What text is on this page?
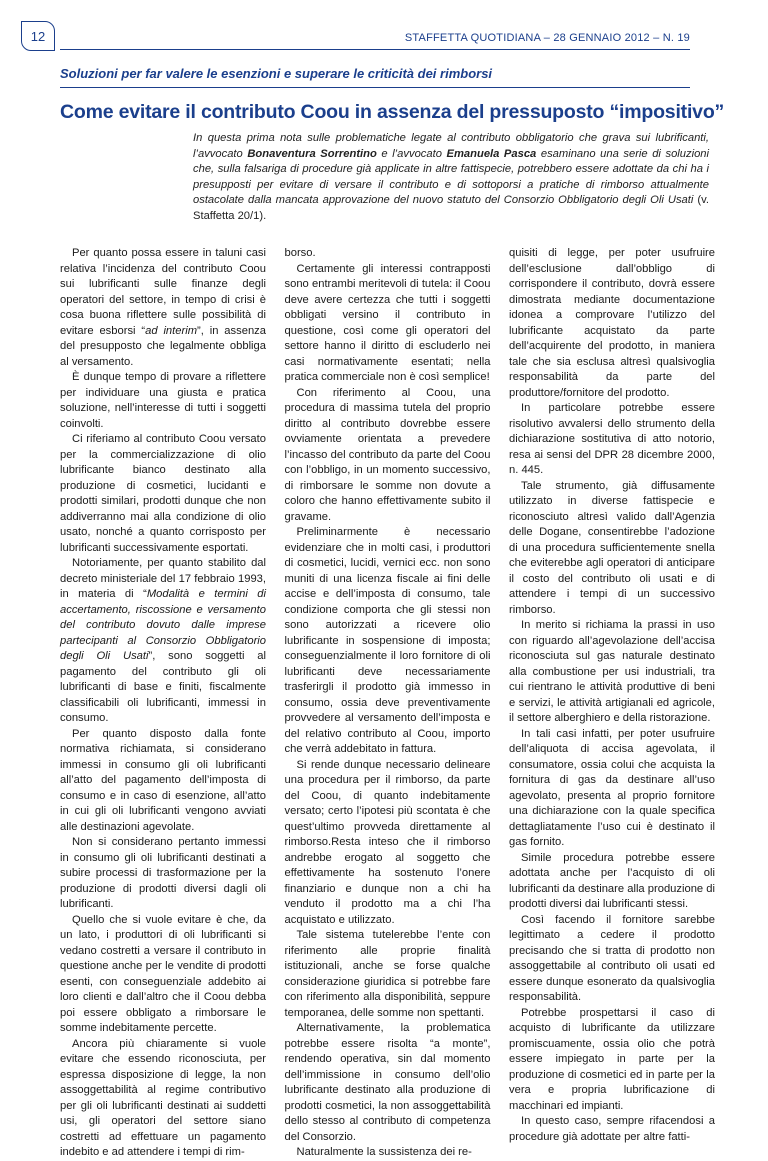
12	STAFFETTA QUOTIDIANA – 28 GENNAIO 2012 – N. 19
Soluzioni per far valere le esenzioni e superare le criticità dei rimborsi
Come evitare il contributo Coou in assenza del pressuposto “impositivo”

In questa prima nota sulle problematiche legate al contributo obbligatorio che grava sui lubrificanti, l’avvocato Bonaventura Sorrentino e l’avvocato Emanuela Pasca esaminano una serie di soluzioni che, sulla falsariga di procedure già applicate in altre fattispecie, potrebbero essere adottate da chi ha i presupposti per evitare di versare il contributo e di sottoporsi a pratiche di rimborso attualmente ostacolate dalla mancata approvazione del nuovo statuto del Consorzio Obbligatorio degli Oli Usati (v. Staffetta 20/1).

Per quanto possa essere in taluni casi relativa l’incidenza del contributo Coou sui lubrificanti sulle finanze degli operatori del settore, in tempo di crisi è cosa buona riflettere sulle possibilità di evitare esborsi “ad interim”, in assenza del presupposto che legalmente obbliga al versamento.

È dunque tempo di provare a riflettere per individuare una giusta e pratica soluzione, nell’interesse di tutti i soggetti coinvolti.

Ci riferiamo al contributo Coou versato per la commercializzazione di olio lubrificante bianco destinato alla produzione di cosmetici, lucidanti e prodotti similari, prodotti dunque che non addiverranno mai alla condizione di olio usato, nonché a quanto corrisposto per lubrificanti successivamente esportati.

Notoriamente, per quanto stabilito dal decreto ministeriale del 17 febbraio 1993, in materia di “Modalità e termini di accertamento, riscossione e versamento del contributo dovuto dalle imprese partecipanti al Consorzio Obbligatorio degli Oli Usati”, sono soggetti al pagamento del contributo gli oli lubrificanti di base e finiti, fiscalmente classificabili oli lubrificanti, immessi in consumo.

Per quanto disposto dalla fonte normativa richiamata, si considerano immessi in consumo gli oli lubrificanti all’atto del pagamento dell’imposta di consumo e in caso di esenzione, all’atto in cui gli oli lubrificanti vengono avviati alle destinazioni agevolate.

Non si considerano pertanto immessi in consumo gli oli lubrificanti destinati a subire processi di trasformazione per la produzione di prodotti diversi dagli oli lubrificanti.

Quello che si vuole evitare è che, da un lato, i produttori di oli lubrificanti si vedano costretti a versare il contributo in questione anche per le vendite di prodotti esenti, con conseguenziale addebito ai loro clienti e dall’altro che il Coou debba poi essere obbligato a rimborsare le somme indebitamente percette.

Ancora più chiaramente si vuole evitare che essendo riconosciuta, per espressa disposizione di legge, la non assoggettabilità al regime contributivo per gli oli lubrificanti destinati ai suddetti usi, gli operatori del settore siano costretti ad effettuare un pagamento indebito e ad attendere i tempi di rim-

borso.

Certamente gli interessi contrapposti sono entrambi meritevoli di tutela: il Coou deve avere certezza che tutti i soggetti obbligati versino il contributo in questione, così come gli operatori del settore hanno il diritto di escluderlo nei casi normativamente esentati; nella pratica commerciale non è così semplice!

Con riferimento al Coou, una procedura di massima tutela del proprio diritto al contributo dovrebbe essere ovviamente orientata a prevedere l’incasso del contributo da parte del Coou con l’obbligo, in un momento successivo, di rimborsare le somme non dovute a coloro che hanno effettivamente subito il gravame.

Preliminarmente è necessario evidenziare che in molti casi, i produttori di cosmetici, lucidi, vernici ecc. non sono muniti di una licenza fiscale ai fini delle accise e dell’imposta di consumo, tale condizione comporta che gli stessi non sono autorizzati a ricevere olio lubrificante in sospensione di imposta; conseguenzialmente il loro fornitore di oli lubrificanti deve necessariamente trasferirgli il prodotto già immesso in consumo, ossia deve preventivamente provvedere al versamento dell’imposta e del relativo contributo al Coou, importo che verrà addebitato in fattura.

Si rende dunque necessario delineare una procedura per il rimborso, da parte del Coou, di quanto indebitamente versato; certo l’ipotesi più scontata è che quest’ultimo provveda direttamente al rimborso.Resta inteso che il rimborso andrebbe erogato al soggetto che effettivamente ha sostenuto l’onere finanziario e dunque non a chi ha venduto il prodotto ma a chi l’ha acquistato e utilizzato.

Tale sistema tutelerebbe l’ente con riferimento alle proprie finalità istituzionali, anche se forse qualche considerazione giuridica si potrebbe fare con riferimento alla disponibilità, seppure temporanea, delle somme non spettanti.

Alternativamente, la problematica potrebbe essere risolta “a monte”, rendendo operativa, sin dal momento dell’immissione in consumo dell’olio lubrificante destinato alla produzione di prodotti cosmetici, la non assoggettabilità dello stesso al contributo di competenza del Consorzio.

Naturalmente la sussistenza dei re-

quisiti di legge, per poter usufruire dell’esclusione dall’obbligo di corrispondere il contributo, dovrà essere dimostrata mediante documentazione idonea a comprovare l’utilizzo del lubrificante acquistato da parte dell’acquirente del prodotto, in maniera tale che sia esclusa altresì qualsivoglia responsabilità da parte del produttore/fornitore del prodotto.

In particolare potrebbe essere risolutivo avvalersi dello strumento della dichiarazione sostitutiva di atto notorio, resa ai sensi del DPR 28 dicembre 2000, n. 445.

Tale strumento, già diffusamente utilizzato in diverse fattispecie e riconosciuto altresì valido dall’Agenzia delle Dogane, consentirebbe l’adozione di una procedura sufficientemente snella che eviterebbe agli operatori di anticipare il costo del contributo oli usati e di attendere i tempi di un successivo rimborso.

In merito si richiama la prassi in uso con riguardo all’agevolazione dell’accisa riconosciuta sul gas naturale destinato alla combustione per usi industriali, tra cui rientrano le attività produttive di beni e servizi, le attività artigianali ed agricole, il settore alberghiero e della ristorazione.

In tali casi infatti, per poter usufruire dell’aliquota di accisa agevolata, il consumatore, ossia colui che acquista la fornitura di gas da destinare all’uso agevolato, presenta al proprio fornitore una dichiarazione con la quale specifica dettagliatamente l’uso cui è destinato il gas fornito.

Simile procedura potrebbe essere adottata anche per l’acquisto di oli lubrificanti da destinare alla produzione di prodotti diversi dai lubrificanti stessi.

Così facendo il fornitore sarebbe legittimato a cedere il prodotto precisando che si tratta di prodotto non assoggettabile al contributo oli usati ed essere dunque esonerato da qualsivoglia responsabilità.

Potrebbe prospettarsi il caso di acquisto di lubrificante da utilizzare promiscuamente, ossia olio che potrà essere impiegato in parte per la produzione di cosmetici ed in parte per la vera e propria lubrificazione di macchinari ed impianti.

In questo caso, sempre rifacendosi a procedure già adottate per altre fatti-
